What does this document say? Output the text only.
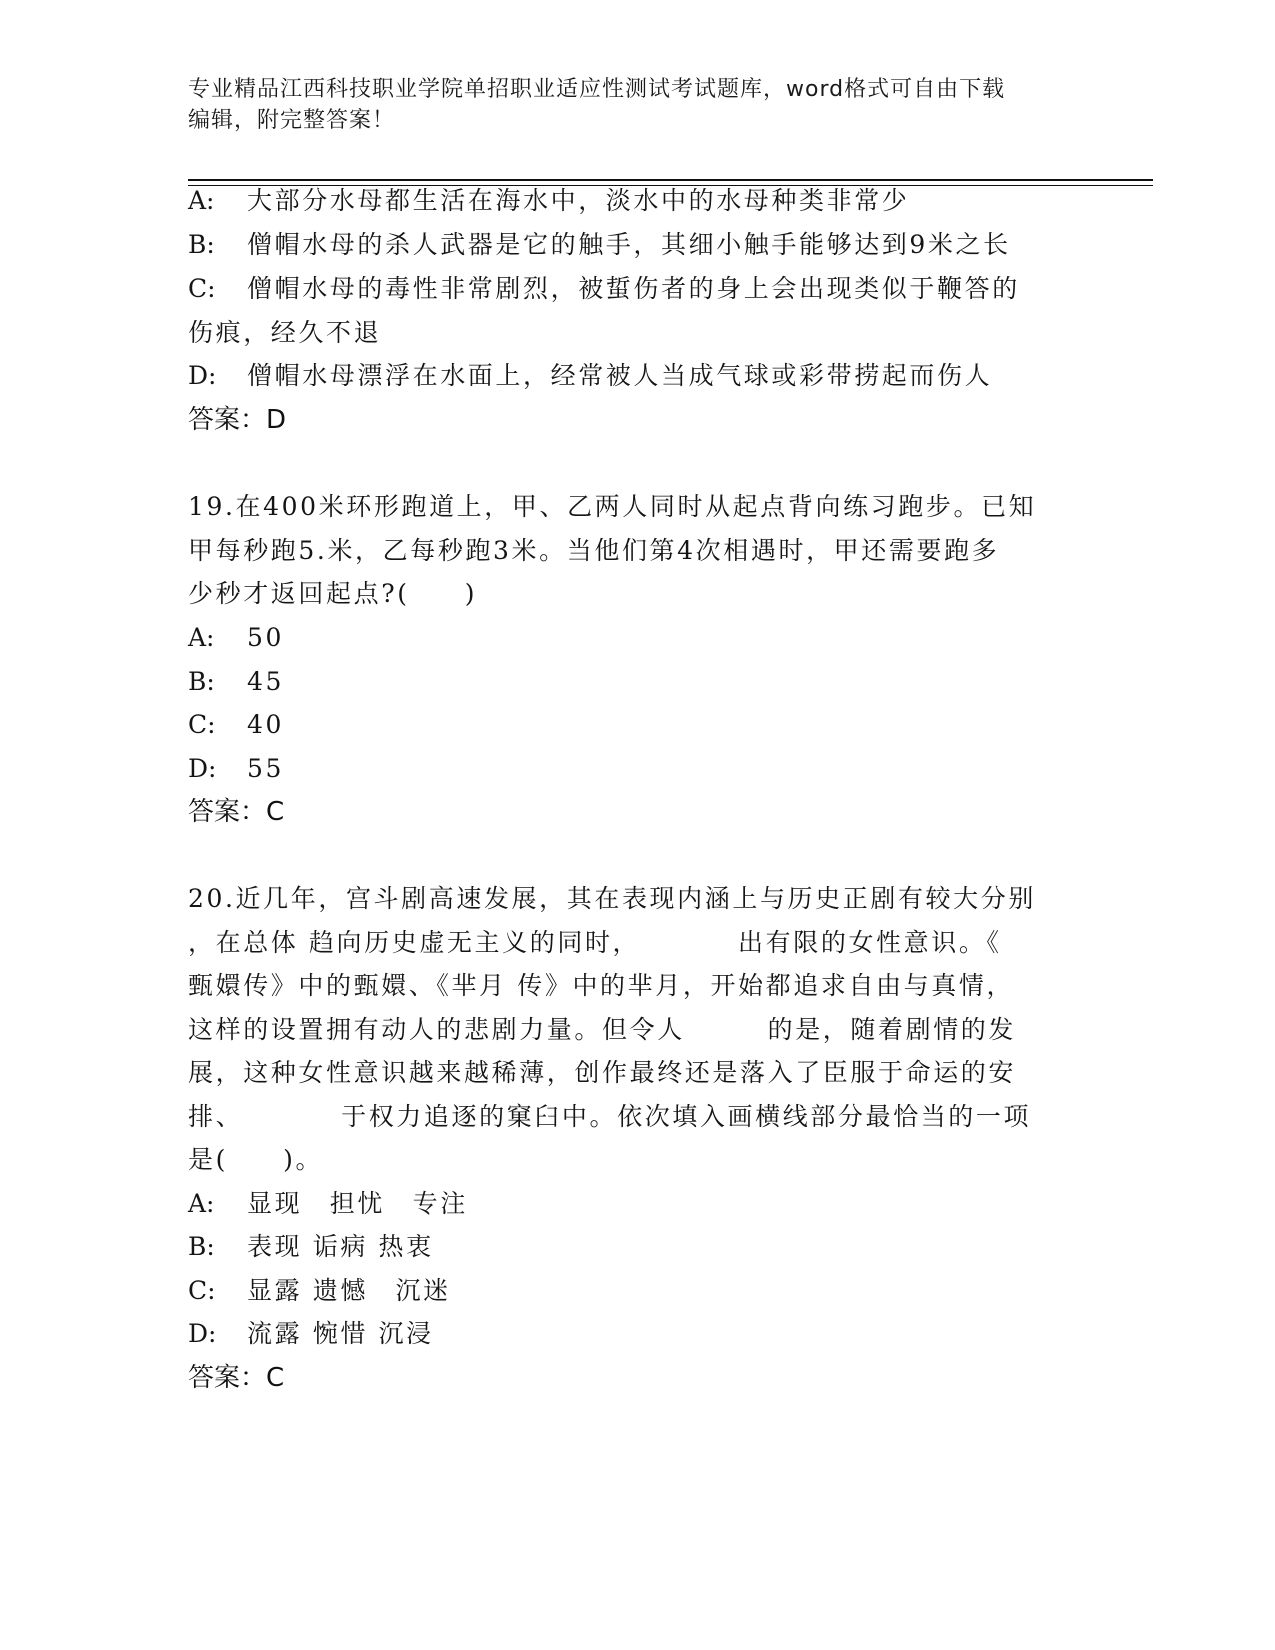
专业精品江西科技职业学院单招职业适应性测试考试题库，word格式可自由下载
编辑，附完整答案！
A: 大部分水母都生活在海水中，淡水中的水母种类非常少
B: 僧帽水母的杀人武器是它的触手，其细小触手能够达到9米之长
C: 僧帽水母的毒性非常剧烈，被蜇伤者的身上会出现类似于鞭答的
伤痕，经久不退
D: 僧帽水母漂浮在水面上，经常被人当成气球或彩带捞起而伤人
答案：D
19.在400米环形跑道上，甲、乙两人同时从起点背向练习跑步。已知
甲每秒跑5.米，乙每秒跑3米。当他们第4次相遇时，甲还需要跑多
少秒才返回起点?(　　)
A: 50
B: 45
C: 40
D: 55
答案：C
20.近几年，宫斗剧高速发展，其在表现内涵上与历史正剧有较大分别
，在总体 趋向历史虚无主义的同时，　　　　出有限的女性意识。《
甄嬛传》中的甄嬛、《芈月 传》中的芈月，开始都追求自由与真情，
这样的设置拥有动人的悲剧力量。但令人　　　的是，随着剧情的发
展，这种女性意识越来越稀薄，创作最终还是落入了臣服于命运的安
排、　　　　于权力追逐的窠臼中。依次填入画横线部分最恰当的一项
是(　　)。
A: 显现　担忧　专注
B: 表现 诟病 热衷
C: 显露 遗憾　沉迷
D: 流露 惋惜 沉浸
答案：C
